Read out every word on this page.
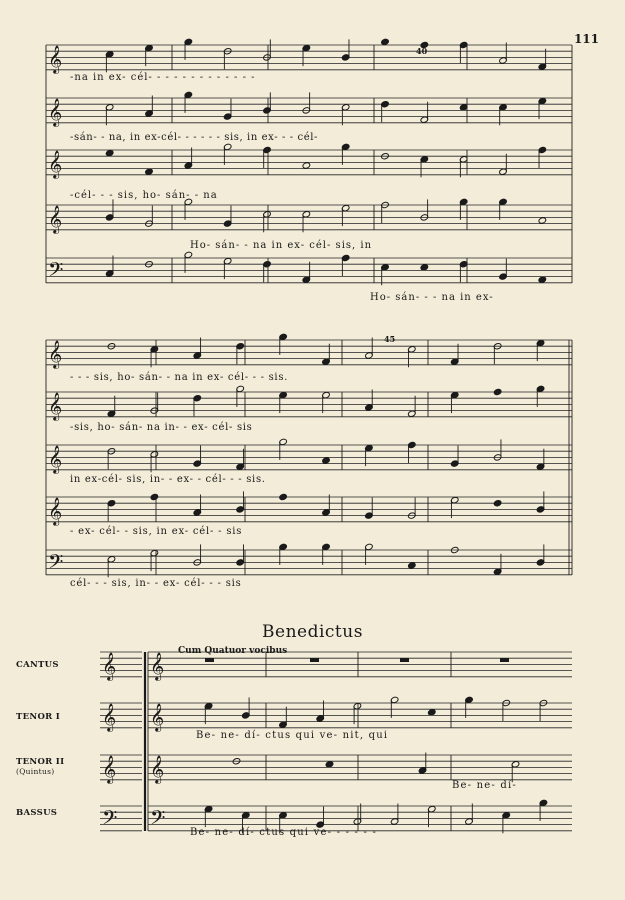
111
𝄞
𝄞
𝄞
𝄞
𝄢
𝄞
𝄞
𝄞
𝄞
𝄢
𝄞 𝄞
𝄞 𝄞
𝄞 𝄞
𝄢 𝄢
-na in ex- cél- - - - - - - - - - - - -
-sán- - na, in ex-cél- - - - - - sis, in ex- - - cél-
-cél- - - sis, ho- sán- - na
Ho- sán- - na in ex- cél- sis, in
Ho- sán- - - na in ex-
- - - sis, ho- sán- - na in ex- cél- - - sis.
-sis, ho- sán- na in- - ex- cél- sis
in ex-cél- sis, in- - ex- - cél- - - sis.
- ex- cél- - sis, in ex- cél- - sis
cél- - - sis, in- - ex- cél- - - sis
Benedictus
Cum Quatuor vocibus
CANTUS
TENOR I
TENOR II
(Quintus)
BASSUS
Be- ne- dí- ctus qui ve- nit, qui
Be- ne- dí-
Be- ne- dí- ctus qui ve- - - - - -
40
45
